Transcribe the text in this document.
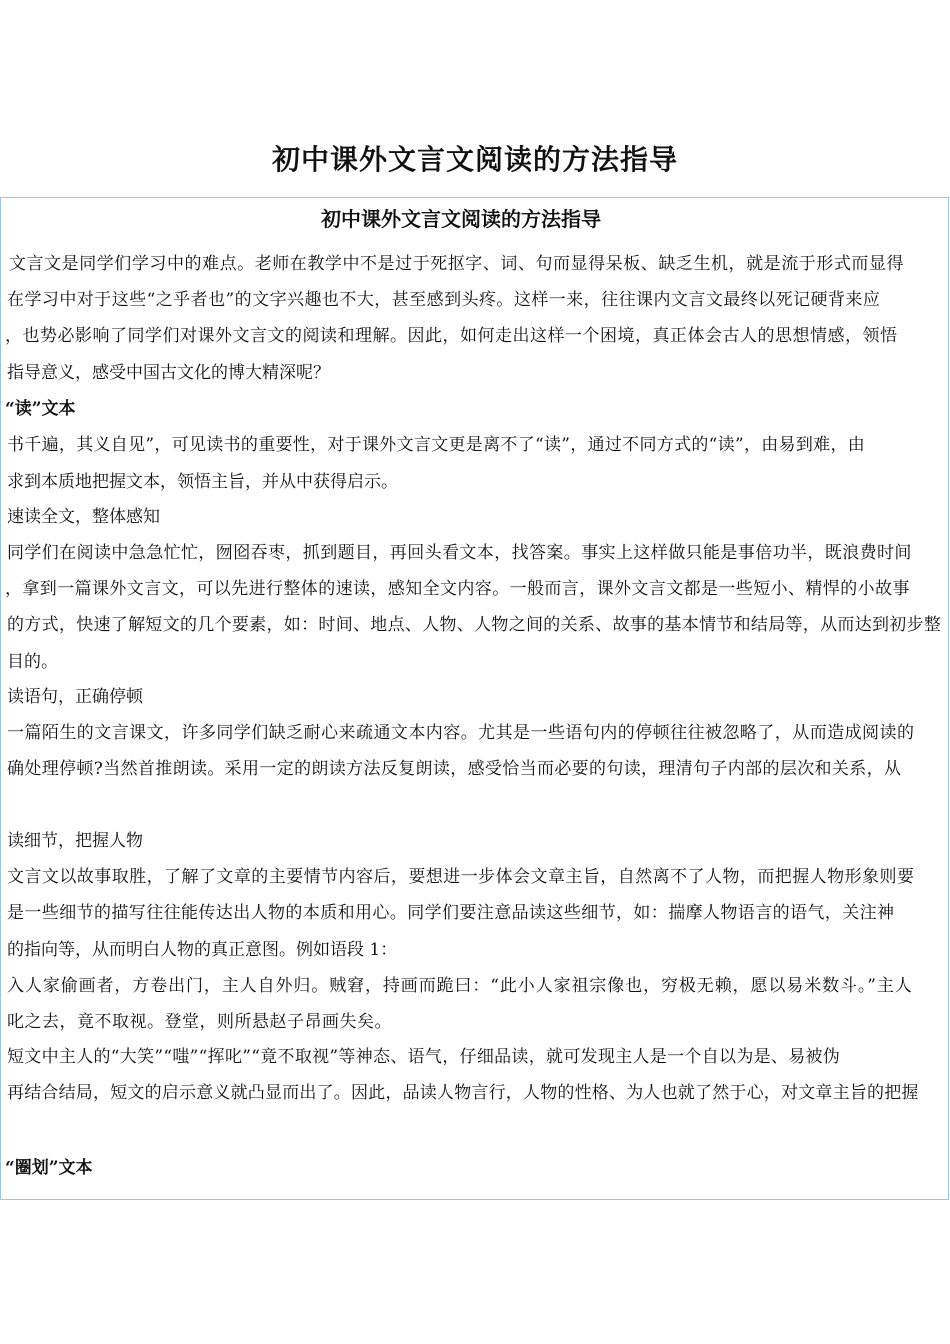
初中课外文言文阅读的方法指导
初中课外文言文阅读的方法指导

文言文是同学们学习中的难点。老师在教学中不是过于死抠字、词、句而显得呆板、缺乏生机，就是流于形式而显得

在学习中对于这些“之乎者也”的文字兴趣也不大，甚至感到头疼。这样一来，往往课内文言文最终以死记硬背来应

，也势必影响了同学们对课外文言文的阅读和理解。因此，如何走出这样一个困境，真正体会古人的思想情感，领悟

指导意义，感受中国古文化的博大精深呢？

“读”文本

书千遍，其义自见”，可见读书的重要性，对于课外文言文更是离不了“读”，通过不同方式的“读”，由易到难，由

求到本质地把握文本，领悟主旨，并从中获得启示。

速读全文，整体感知

同学们在阅读中急急忙忙，囫囵吞枣，抓到题目，再回头看文本，找答案。事实上这样做只能是事倍功半，既浪费时间

，拿到一篇课外文言文，可以先进行整体的速读，感知全文内容。一般而言，课外文言文都是一些短小、精悍的小故事

的方式，快速了解短文的几个要素，如：时间、地点、人物、人物之间的关系、故事的基本情节和结局等，从而达到初步整

目的。

读语句，正确停顿

一篇陌生的文言课文，许多同学们缺乏耐心来疏通文本内容。尤其是一些语句内的停顿往往被忽略了，从而造成阅读的

确处理停顿?当然首推朗读。采用一定的朗读方法反复朗读，感受恰当而必要的句读，理清句子内部的层次和关系，从

读细节，把握人物

文言文以故事取胜，了解了文章的主要情节内容后，要想进一步体会文章主旨，自然离不了人物，而把握人物形象则要

是一些细节的描写往往能传达出人物的本质和用心。同学们要注意品读这些细节，如：揣摩人物语言的语气，关注神

的指向等，从而明白人物的真正意图。例如语段 1：

入人家偷画者，方卷出门，主人自外归。贼窘，持画而跪曰：“此小人家祖宗像也，穷极无赖，愿以易米数斗。”主人

叱之去，竟不取视。登堂，则所悬赵子昂画失矣。

短文中主人的“大笑”“嗤”“挥叱”“竟不取视”等神态、语气，仔细品读，就可发现主人是一个自以为是、易被伪

再结合结局，短文的启示意义就凸显而出了。因此，品读人物言行，人物的性格、为人也就了然于心，对文章主旨的把握

“圈划”文本
